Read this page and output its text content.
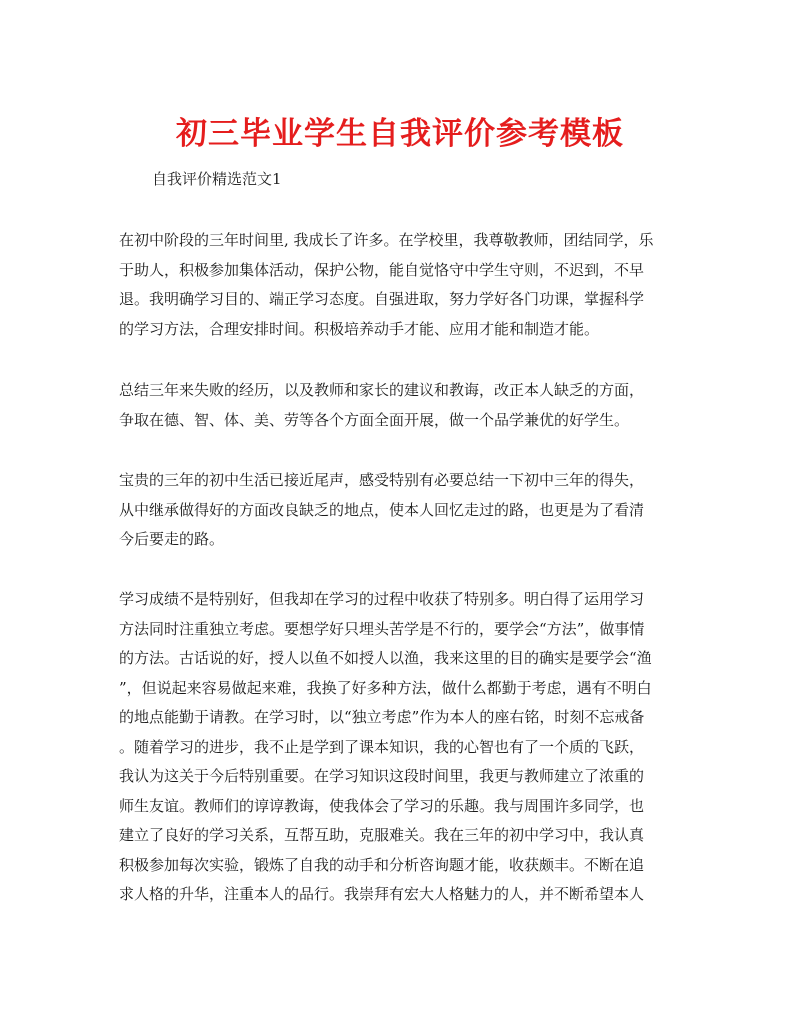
初三毕业学生自我评价参考模板
自我评价精选范文1
在初中阶段的三年时间里, 我成长了许多。在学校里，我尊敬教师，团结同学，乐
于助人，积极参加集体活动，保护公物，能自觉恪守中学生守则，不迟到，不早
退。我明确学习目的、端正学习态度。自强进取，努力学好各门功课，掌握科学
的学习方法，合理安排时间。积极培养动手才能、应用才能和制造才能。
总结三年来失败的经历，以及教师和家长的建议和教诲，改正本人缺乏的方面，
争取在德、智、体、美、劳等各个方面全面开展，做一个品学兼优的好学生。
宝贵的三年的初中生活已接近尾声，感受特别有必要总结一下初中三年的得失，
从中继承做得好的方面改良缺乏的地点，使本人回忆走过的路，也更是为了看清
今后要走的路。
学习成绩不是特别好，但我却在学习的过程中收获了特别多。明白得了运用学习
方法同时注重独立考虑。要想学好只埋头苦学是不行的，要学会“方法”，做事情
的方法。古话说的好，授人以鱼不如授人以渔，我来这里的目的确实是要学会“渔
”，但说起来容易做起来难，我换了好多种方法，做什么都勤于考虑，遇有不明白
的地点能勤于请教。在学习时，以“独立考虑”作为本人的座右铭，时刻不忘戒备
。随着学习的进步，我不止是学到了课本知识，我的心智也有了一个质的飞跃，
我认为这关于今后特别重要。在学习知识这段时间里，我更与教师建立了浓重的
师生友谊。教师们的谆谆教诲，使我体会了学习的乐趣。我与周围许多同学，也
建立了良好的学习关系，互帮互助，克服难关。我在三年的初中学习中，我认真
积极参加每次实验，锻炼了自我的动手和分析咨询题才能，收获颇丰。不断在追
求人格的升华，注重本人的品行。我崇拜有宏大人格魅力的人，并不断希望本人
